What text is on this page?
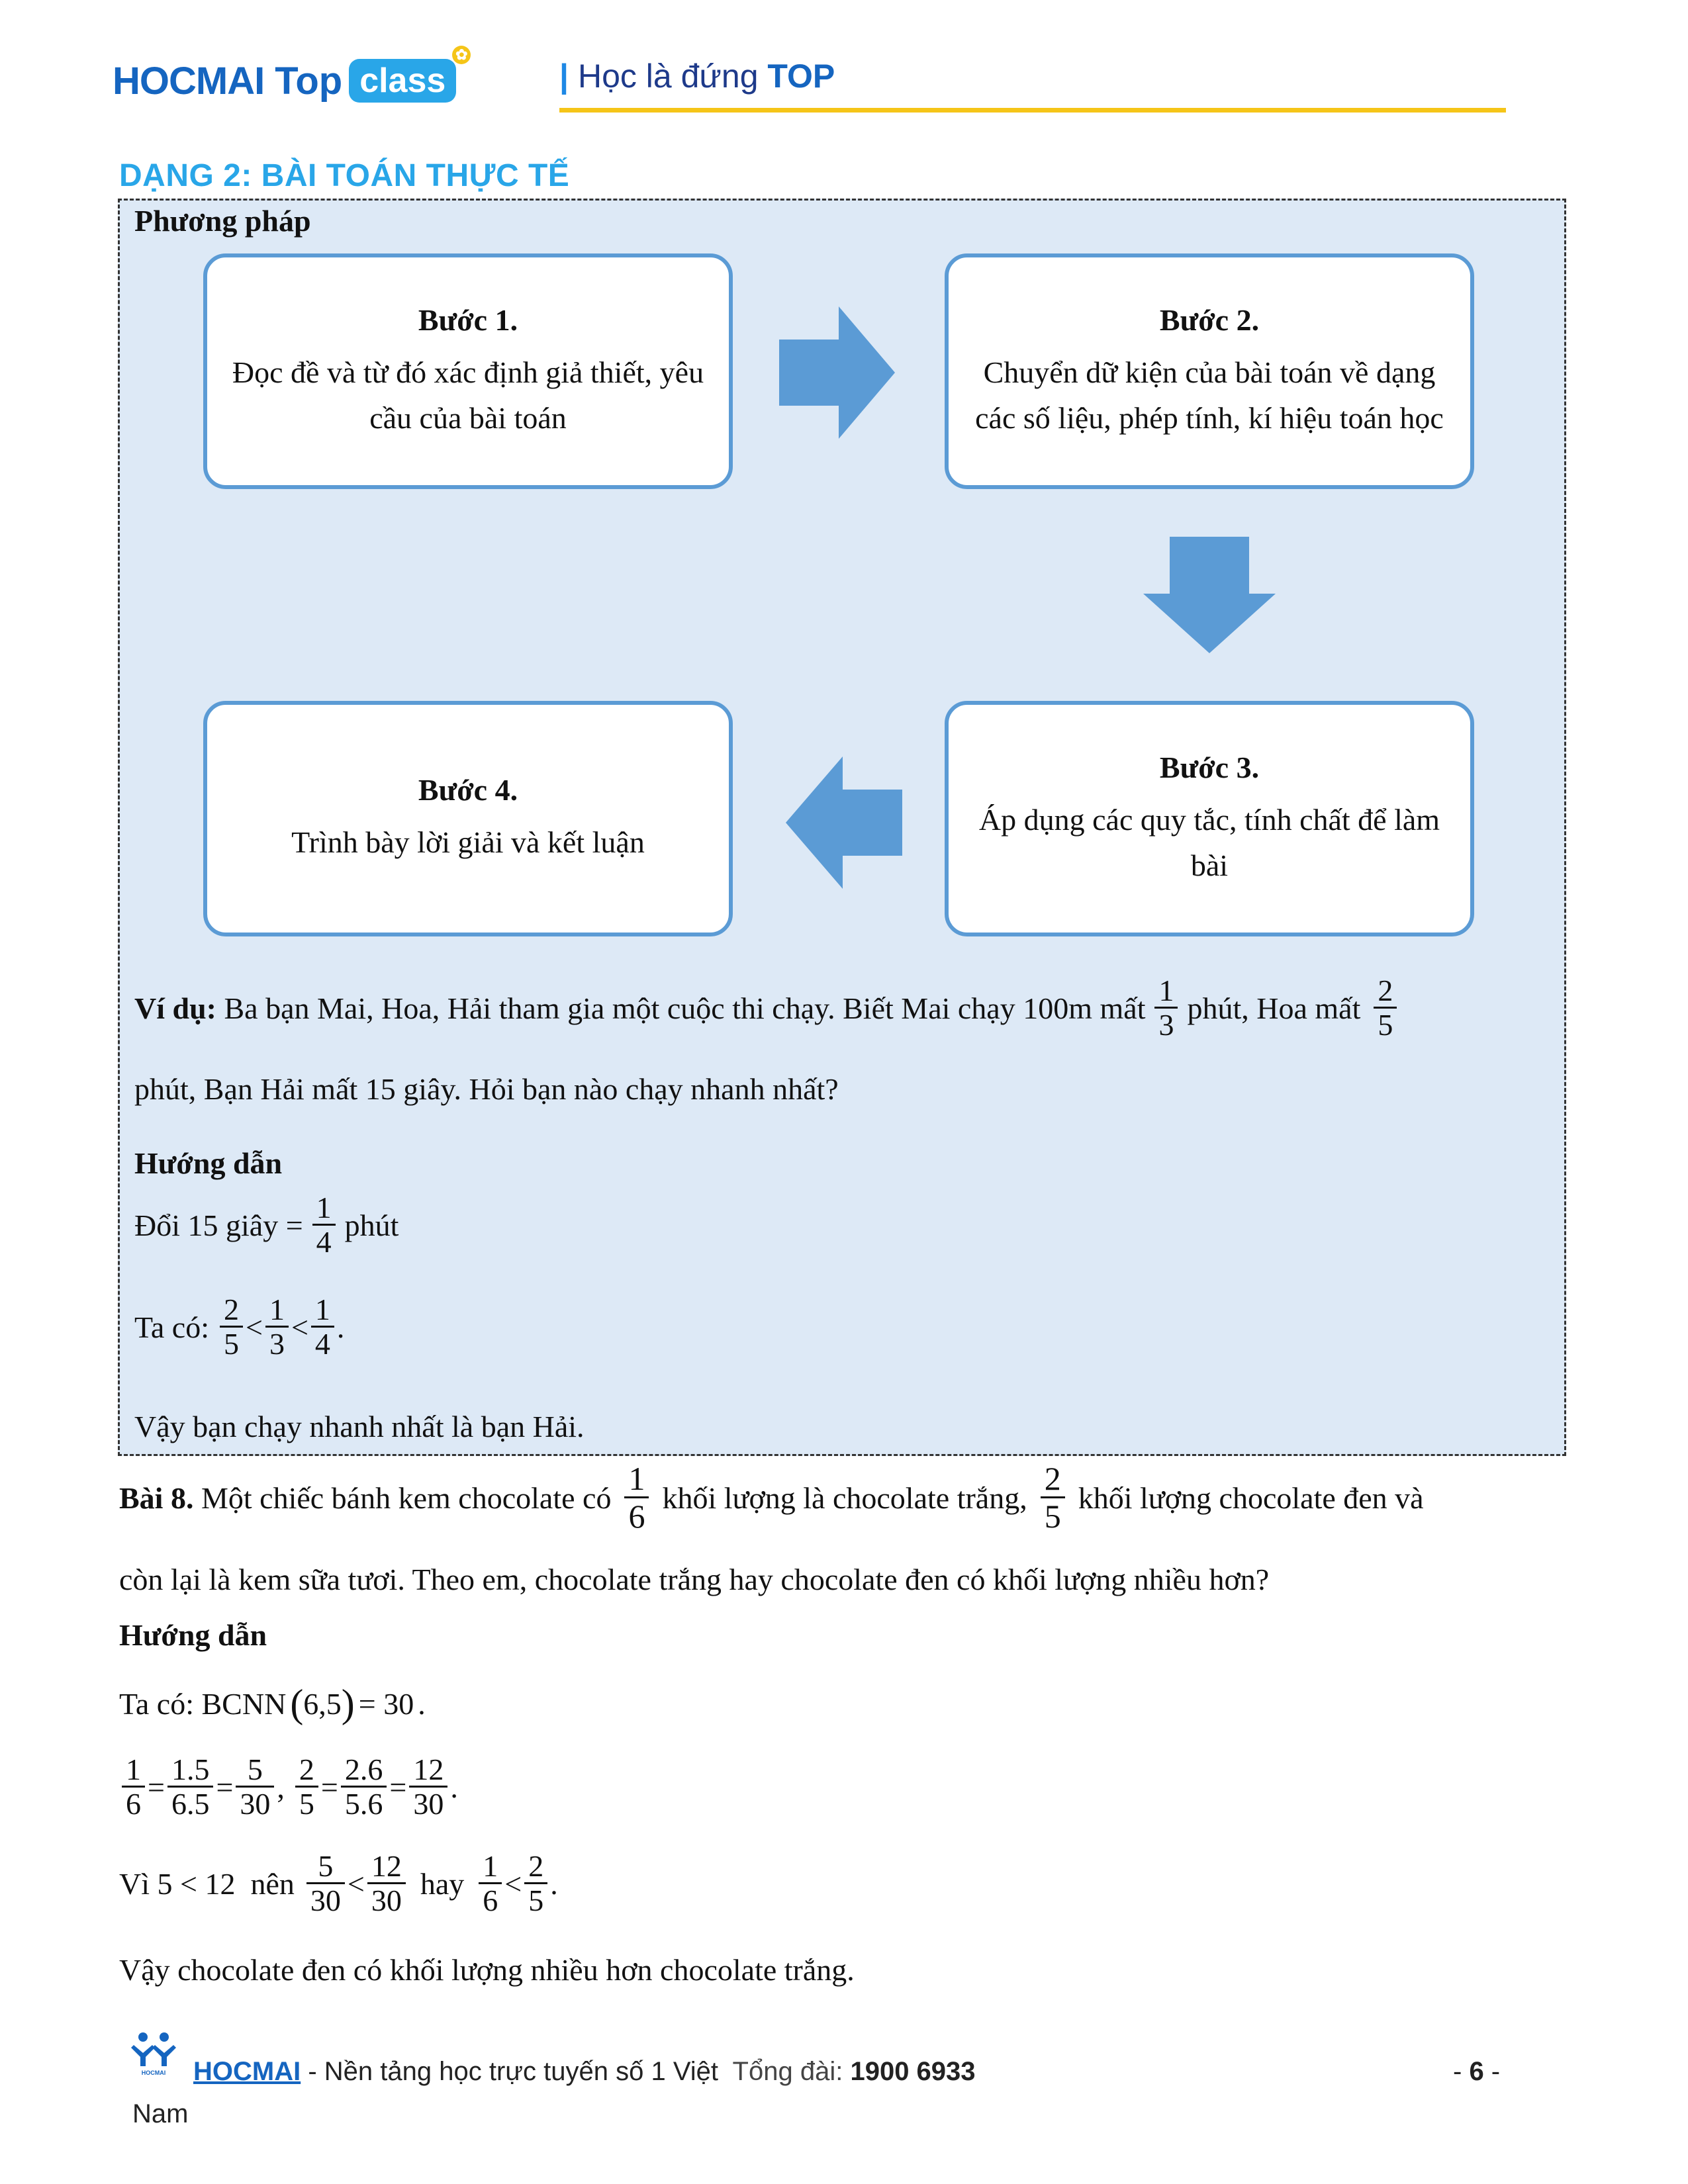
HOCMAI Top class
✿
| Học là đứng TOP
DẠNG 2: BÀI TOÁN THỰC TẾ
Phương pháp
Bước 1.
Đọc đề và từ đó xác định giả thiết, yêu cầu của bài toán
Bước 2.
Chuyển dữ kiện của bài toán về dạng các số liệu, phép tính, kí hiệu toán học
Bước 3.
Áp dụng các quy tắc, tính chất để làm bài
Bước 4.
Trình bày lời giải và kết luận
Ví dụ: Ba bạn Mai, Hoa, Hải tham gia một cuộc thi chạy. Biết Mai chạy 100m mất $\frac{1}{3}$ phút, Hoa mất $\frac{2}{5}$
phút, Bạn Hải mất 15 giây. Hỏi bạn nào chạy nhanh nhất?
Hướng dẫn
Đổi 15 giây = $\frac{1}{4}$ phút
Ta có: $\frac{2}{5} < \frac{1}{3} < \frac{1}{4}$ .
Vậy bạn chạy nhanh nhất là bạn Hải.
Bài 8. Một chiếc bánh kem chocolate có $\frac{1}{6}$ khối lượng là chocolate trắng, $\frac{2}{5}$ khối lượng chocolate đen và
còn lại là kem sữa tươi. Theo em, chocolate trắng hay chocolate đen có khối lượng nhiều hơn?
Hướng dẫn
Ta có: BCNN ( 6,5 ) = 30 .
$\frac{1}{6} = \frac{1.5}{6.5} = \frac{5}{30}$ , $\frac{2}{5} = \frac{2.6}{5.6} = \frac{12}{30}$ .
Vì 5 < 12  nên $\frac{5}{30} < \frac{12}{30}$ hay $\frac{1}{6} < \frac{2}{5}$ .
Vậy chocolate đen có khối lượng nhiều hơn chocolate trắng.
HOCMAI HOCMAI - Nền tảng học trực tuyến số 1 Việt  Tổng đài: 1900 6933
Nam
- 6 -
